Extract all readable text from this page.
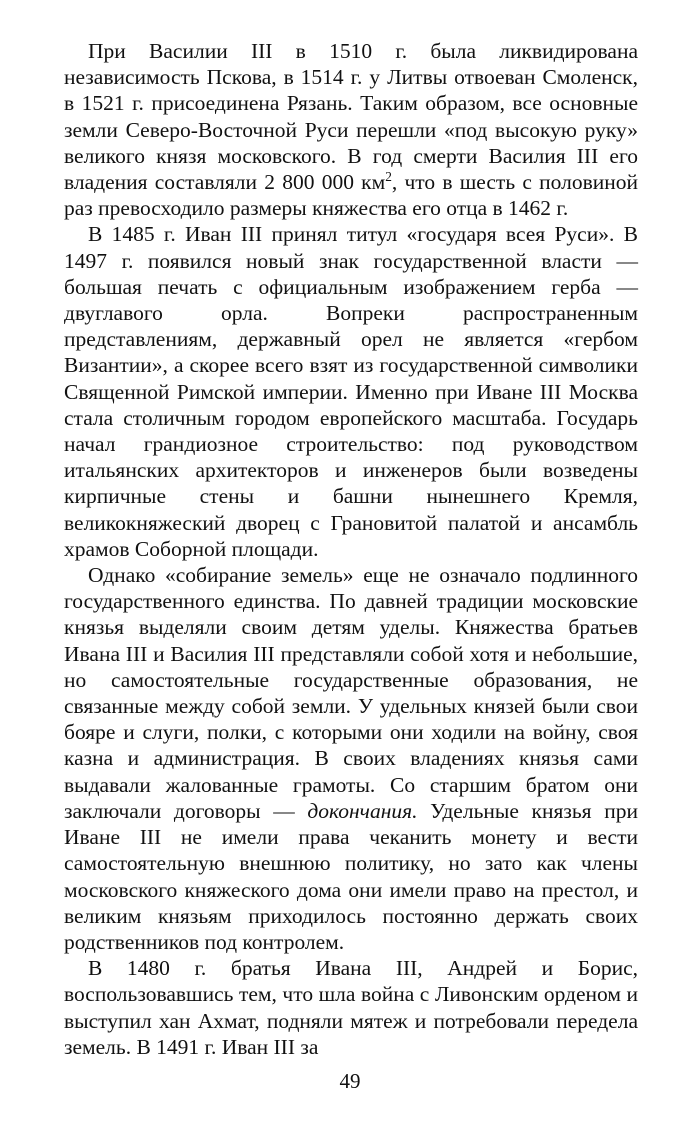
При Василии III в 1510 г. была ликвидирована независимость Пскова, в 1514 г. у Литвы отвоеван Смоленск, в 1521 г. присоединена Рязань. Таким образом, все основные земли Северо-Восточной Руси перешли «под высокую руку» великого князя московского. В год смерти Василия III его владения составляли 2 800 000 $км^2$, что в шесть с половиной раз превосходило размеры княжества его отца в 1462 г.

В 1485 г. Иван III принял титул «государя всея Руси». В 1497 г. появился новый знак государственной власти — большая печать с официальным изображением герба — двуглавого орла. Вопреки распространенным представлениям, державный орел не является «гербом Византии», а скорее всего взят из государственной символики Священной Римской империи. Именно при Иване III Москва стала столичным городом европейского масштаба. Государь начал грандиозное строительство: под руководством итальянских архитекторов и инженеров были возведены кирпичные стены и башни нынешнего Кремля, великокняжеский дворец с Грановитой палатой и ансамбль храмов Соборной площади.

Однако «собирание земель» еще не означало подлинного государственного единства. По давней традиции московские князья выделяли своим детям уделы. Княжества братьев Ивана III и Василия III представляли собой хотя и небольшие, но самостоятельные государственные образования, не связанные между собой земли. У удельных князей были свои бояре и слуги, полки, с которыми они ходили на войну, своя казна и администрация. В своих владениях князья сами выдавали жалованные грамоты. Со старшим братом они заключали договоры — докончания. Удельные князья при Иване III не имели права чеканить монету и вести самостоятельную внешнюю политику, но зато как члены московского княжеского дома они имели право на престол, и великим князьям приходилось постоянно держать своих родственников под контролем.

В 1480 г. братья Ивана III, Андрей и Борис, воспользовавшись тем, что шла война с Ливонским орденом и выступил хан Ахмат, подняли мятеж и потребовали передела земель. В 1491 г. Иван III за

49
